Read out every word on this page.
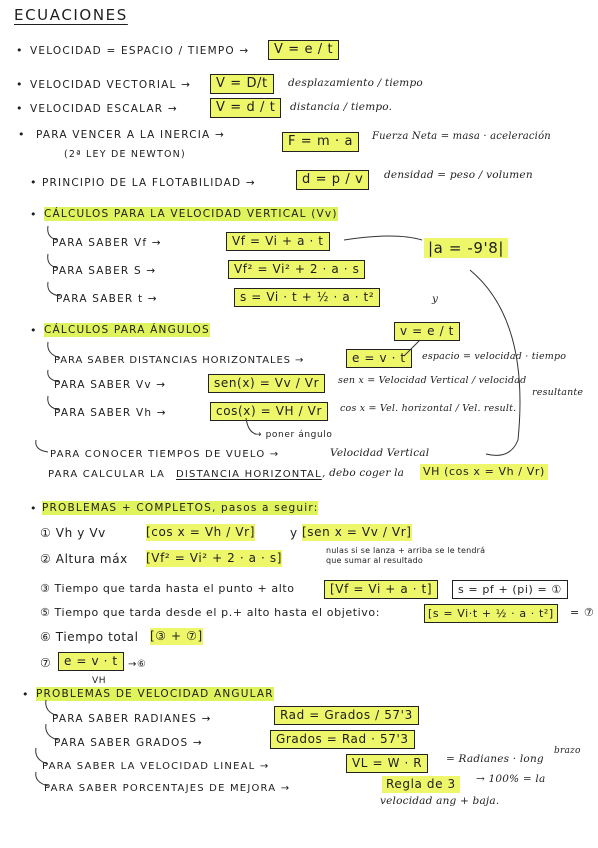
ECUACIONES
• VELOCIDAD = ESPACIO / TIEMPO →	V = e / t
• VELOCIDAD VECTORIAL →	V = D/t	desplazamiento / tiempo
• VELOCIDAD ESCALAR →	V = d / t	distancia / tiempo.
• PARA VENCER A LA INERCIA →
(2ª LEY DE NEWTON)
F = m · a	Fuerza Neta = masa · aceleración
• PRINCIPIO DE LA FLOTABILIDAD →	d = p / v	densidad = peso / volumen
• CÁLCULOS PARA LA VELOCIDAD VERTICAL (Vv)
PARA SABER Vf →	Vf = Vi + a · t
PARA SABER S →	Vf² = Vi² + 2 · a · s
PARA SABER t →	s = Vi · t + ½ · a · t²
|a = -9'8|
y
• CÁLCULOS PARA ÁNGULOS	v = e / t
PARA SABER DISTANCIAS HORIZONTALES →	e = v · t	espacio = velocidad · tiempo
PARA SABER Vv →	sen(x) = Vv / Vr	sen x = Velocidad Vertical / velocidad
resultante
PARA SABER Vh →	cos(x) = VH / Vr	cos x = Vel. horizontal / Vel. result.
→ poner ángulo
PARA CONOCER TIEMPOS DE VUELO →	Velocidad Vertical
PARA CALCULAR LA DISTANCIA HORIZONTAL , debo coger la VH (cos x = Vh / Vr)
• PROBLEMAS + COMPLETOS, pasos a seguir:
① Vh y Vv	[cos x = Vh / Vr]	y [sen x = Vv / Vr]
② Altura máx [Vf² = Vi² + 2 · a · s]
nulas si se lanza + arriba se le tendrá
que sumar al resultado
③ Tiempo que tarda hasta el punto + alto	[Vf = Vi + a · t]	s = pf + (pi) = ①
⑤ Tiempo que tarda desde el p.+ alto hasta el objetivo:	[s = Vi·t + ½ · a · t²]	= ⑦
⑥ Tiempo total [③ + ⑦]
⑦	e = v · t	→⑥
VH
• PROBLEMAS DE VELOCIDAD ANGULAR
PARA SABER RADIANES →	Rad = Grados / 57'3
PARA SABER GRADOS →	Grados = Rad · 57'3
PARA SABER LA VELOCIDAD LINEAL →	VL = W · R	= Radianes · long
brazo
PARA SABER PORCENTAJES DE MEJORA →	Regla de 3	→ 100% = la
velocidad ang + baja.
